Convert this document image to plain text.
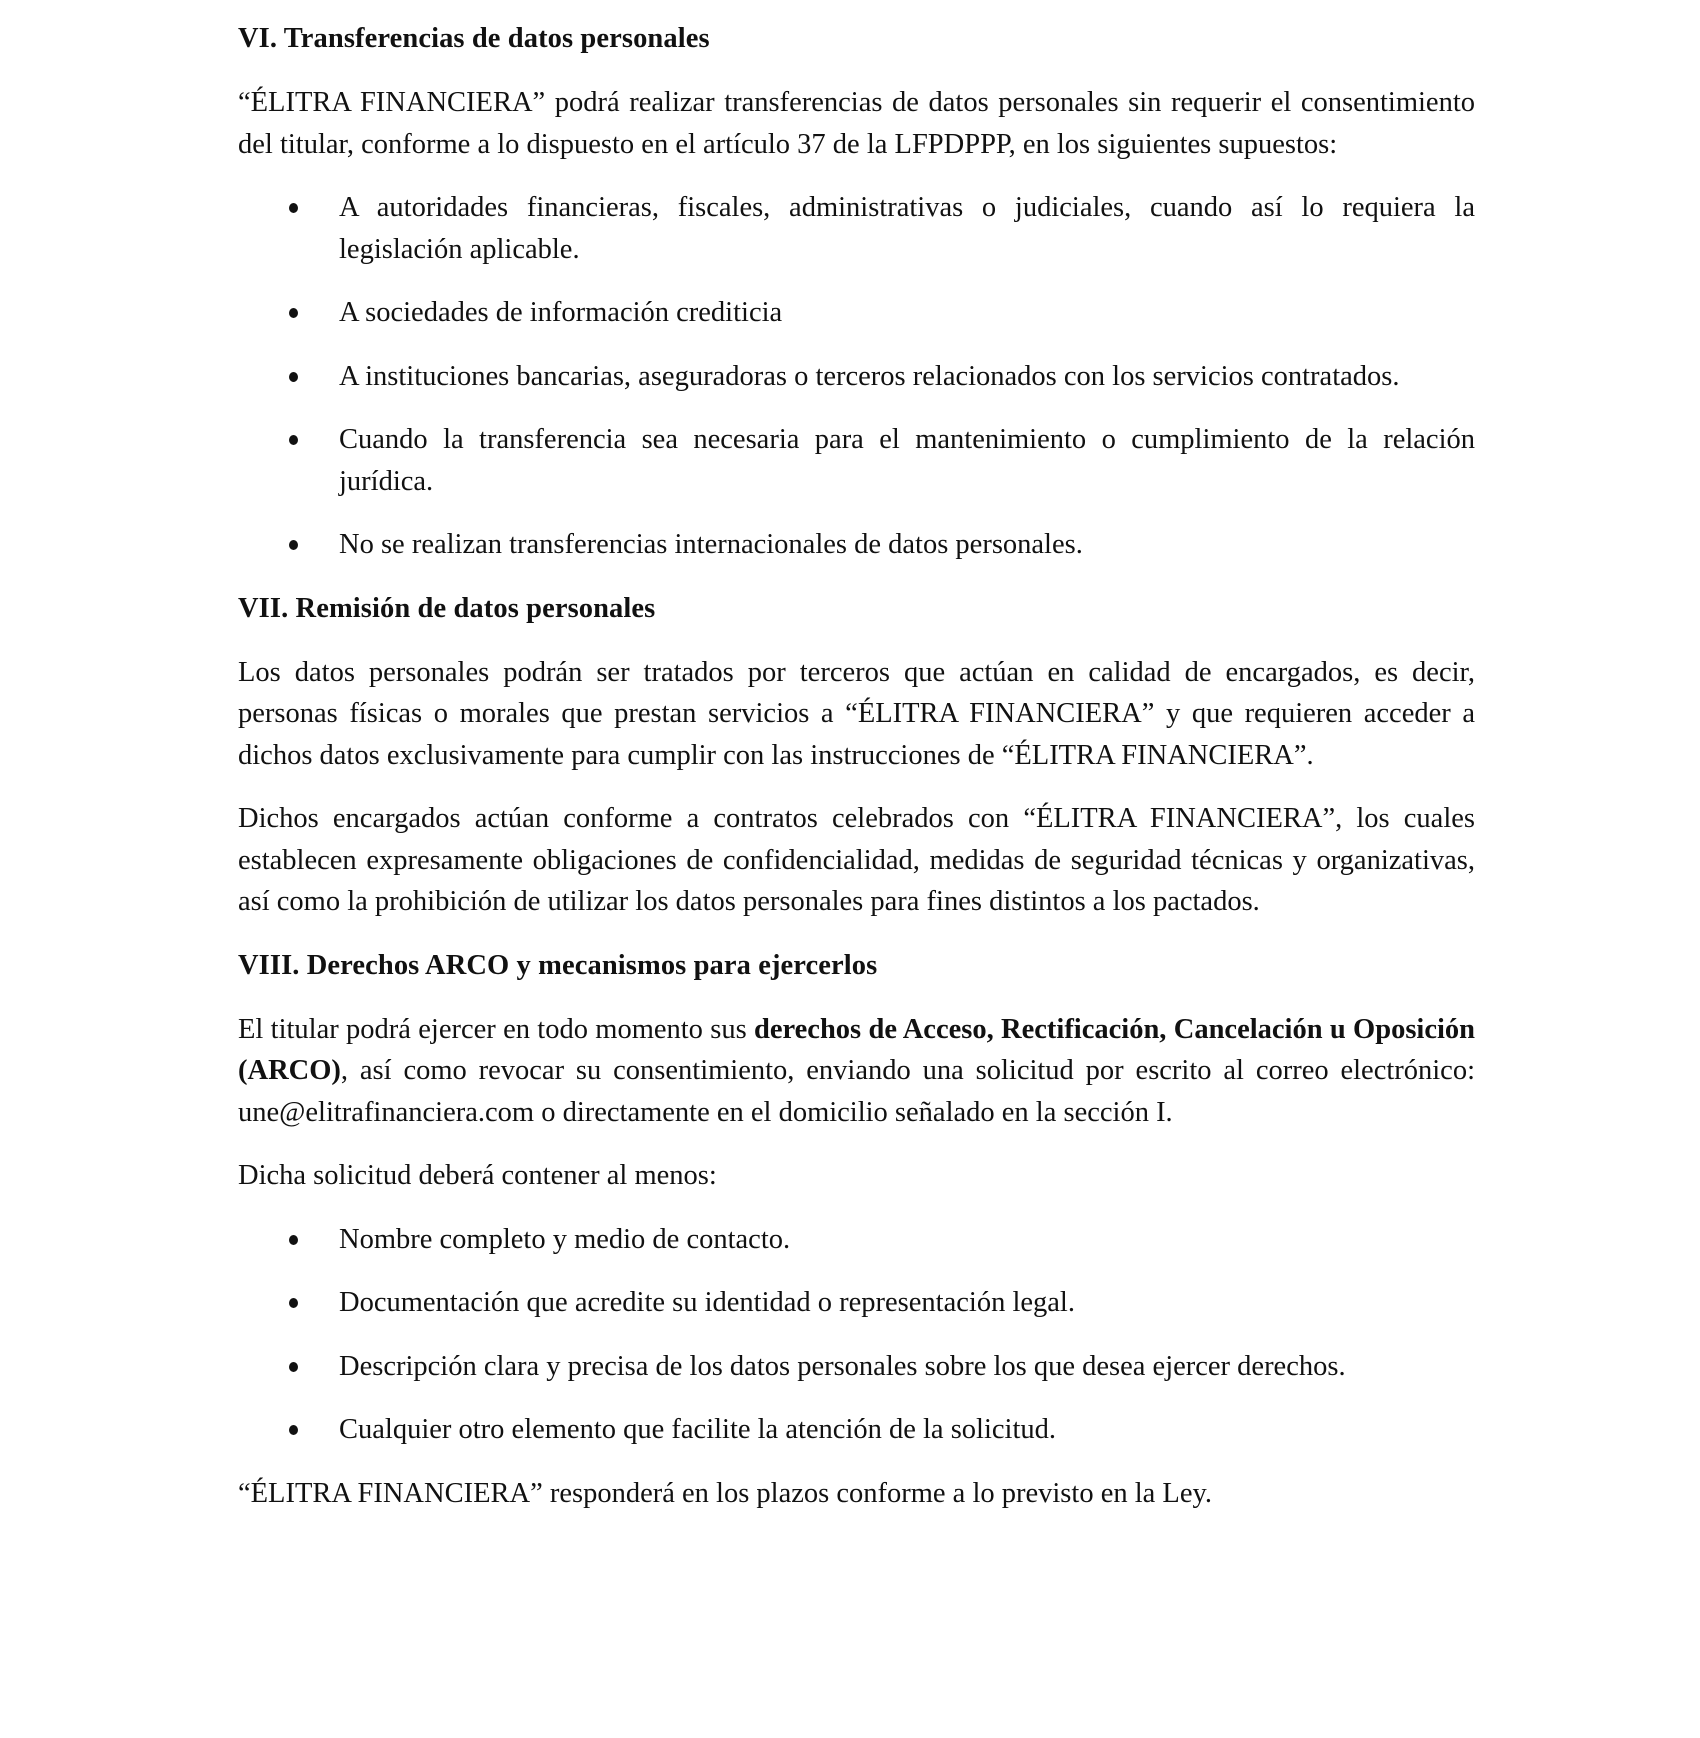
VI. Transferencias de datos personales

“ÉLITRA FINANCIERA” podrá realizar transferencias de datos personales sin requerir el consentimiento del titular, conforme a lo dispuesto en el artículo 37 de la LFPDPPP, en los siguientes supuestos:

A autoridades financieras, fiscales, administrativas o judiciales, cuando así lo requiera la legislación aplicable.
A sociedades de información crediticia
A instituciones bancarias, aseguradoras o terceros relacionados con los servicios contratados.
Cuando la transferencia sea necesaria para el mantenimiento o cumplimiento de la relación jurídica.
No se realizan transferencias internacionales de datos personales.
VII. Remisión de datos personales

Los datos personales podrán ser tratados por terceros que actúan en calidad de encargados, es decir, personas físicas o morales que prestan servicios a “ÉLITRA FINANCIERA” y que requieren acceder a dichos datos exclusivamente para cumplir con las instrucciones de “ÉLITRA FINANCIERA”.

Dichos encargados actúan conforme a contratos celebrados con “ÉLITRA FINANCIERA”, los cuales establecen expresamente obligaciones de confidencialidad, medidas de seguridad técnicas y organizativas, así como la prohibición de utilizar los datos personales para fines distintos a los pactados.

VIII. Derechos ARCO y mecanismos para ejercerlos

El titular podrá ejercer en todo momento sus derechos de Acceso, Rectificación, Cancelación u Oposición (ARCO), así como revocar su consentimiento, enviando una solicitud por escrito al correo electrónico: une@elitrafinanciera.com o directamente en el domicilio señalado en la sección I.

Dicha solicitud deberá contener al menos:

Nombre completo y medio de contacto.
Documentación que acredite su identidad o representación legal.
Descripción clara y precisa de los datos personales sobre los que desea ejercer derechos.
Cualquier otro elemento que facilite la atención de la solicitud.

“ÉLITRA FINANCIERA” responderá en los plazos conforme a lo previsto en la Ley.
